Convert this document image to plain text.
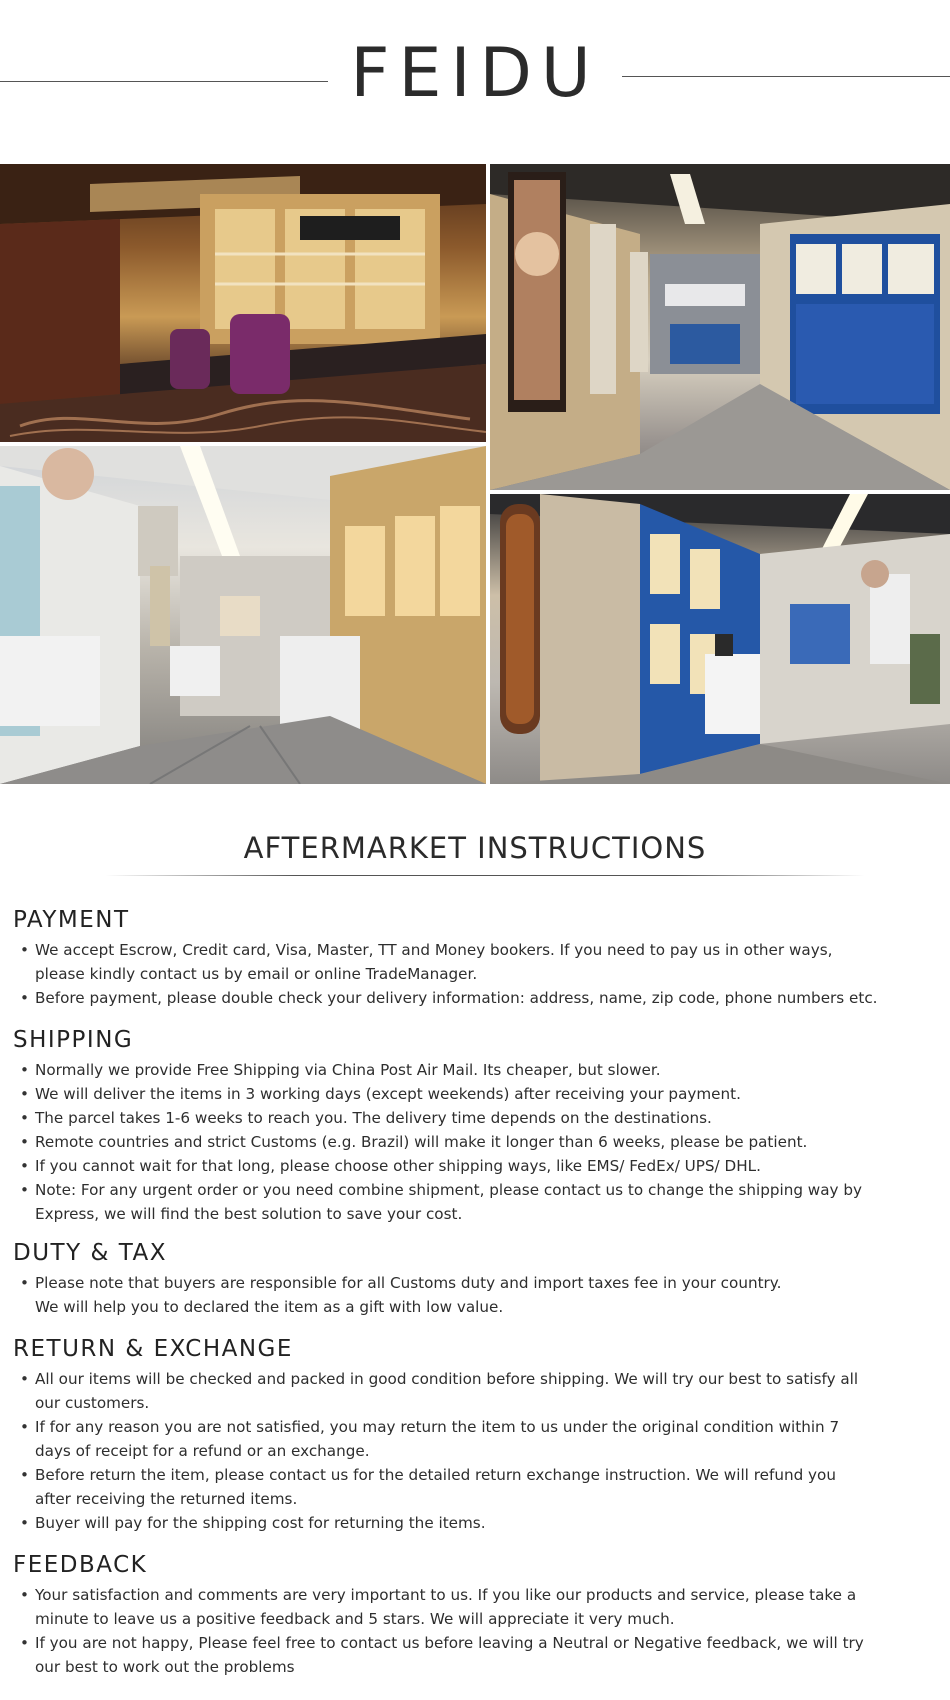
FEIDU
AFTERMARKET INSTRUCTIONS
PAYMENT
• We accept Escrow, Credit card, Visa, Master, TT and Money bookers. If you need to pay us in other ways,
please kindly contact us by email or online TradeManager.
• Before payment, please double check your delivery information: address, name, zip code, phone numbers etc.
SHIPPING
• Normally we provide Free Shipping via China Post Air Mail. Its cheaper, but slower.
• We will deliver the items in 3 working days (except weekends) after receiving your payment.
• The parcel takes 1-6 weeks to reach you. The delivery time depends on the destinations.
• Remote countries and strict Customs (e.g. Brazil) will make it longer than 6 weeks, please be patient.
• If you cannot wait for that long, please choose other shipping ways, like EMS/ FedEx/ UPS/ DHL.
• Note: For any urgent order or you need combine shipment, please contact us to change the shipping way by
Express, we will find the best solution to save your cost.
DUTY & TAX
• Please note that buyers are responsible for all Customs duty and import taxes fee in your country.
We will help you to declared the item as a gift with low value.
RETURN & EXCHANGE
• All our items will be checked and packed in good condition before shipping. We will try our best to satisfy all
our customers.
• If for any reason you are not satisfied, you may return the item to us under the original condition within 7
days of receipt for a refund or an exchange.
• Before return the item, please contact us for the detailed return exchange instruction. We will refund you
after receiving the returned items.
• Buyer will pay for the shipping cost for returning the items.
FEEDBACK
• Your satisfaction and comments are very important to us. If you like our products and service, please take a
minute to leave us a positive feedback and 5 stars. We will appreciate it very much.
• If you are not happy, Please feel free to contact us before leaving a Neutral or Negative feedback, we will try
our best to work out the problems
